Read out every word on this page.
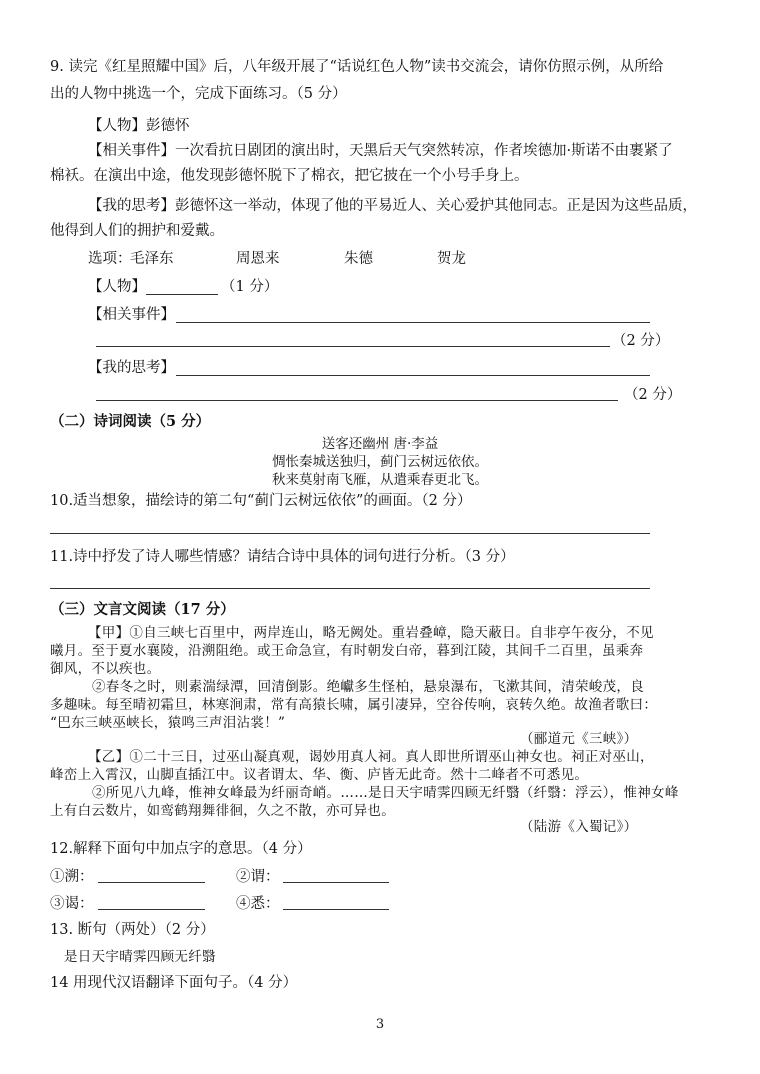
9. 读完《红星照耀中国》后，八年级开展了“话说红色人物”读书交流会，请你仿照示例，从所给
出的人物中挑选一个，完成下面练习。（5 分）
【人物】彭德怀
【相关事件】一次看抗日剧团的演出时，天黑后天气突然转凉，作者埃德加·斯诺不由裹紧了
棉袄。在演出中途，他发现彭德怀脱下了棉衣，把它披在一个小号手身上。
【我的思考】彭德怀这一举动，体现了他的平易近人、关心爱护其他同志。正是因为这些品质，
他得到人们的拥护和爱戴。
选项：
毛泽东	周恩来	朱德	贺龙
【人物】	（1 分）
【相关事件】
（2 分）
【我的思考】
（2 分）
（二）诗词阅读（5 分）
送客还幽州 唐·李益
惆怅秦城送独归，蓟门云树远依依。
秋来莫射南飞雁，从遣乘春更北飞。
10.适当想象，描绘诗的第二句“蓟门云树远依依”的画面。（2 分）
11.诗中抒发了诗人哪些情感？请结合诗中具体的词句进行分析。（3 分）
（三）文言文阅读（17 分）
【甲】①自三峡七百里中，两岸连山，略无阙处。重岩叠嶂，隐天蔽日。自非亭午夜分，不见
曦月。至于夏水襄陵，沿溯阻绝。或王命急宣，有时朝发白帝，暮到江陵，其间千二百里，虽乘奔
御风，不以疾也。
②春冬之时，则素湍绿潭，回清倒影。绝巘多生怪柏，悬泉瀑布，飞漱其间，清荣峻茂，良
多趣味。每至晴初霜旦，林寒涧肃，常有高猿长啸，属引凄异，空谷传响，哀转久绝。故渔者歌曰：
“巴东三峡巫峡长，猿鸣三声泪沾裳！”
（郦道元《三峡》）
【乙】①二十三日，过巫山凝真观，谒妙用真人祠。真人即世所谓巫山神女也。祠正对巫山，
峰峦上入霄汉，山脚直插江中。议者谓太、华、衡、庐皆无此奇。然十二峰者不可悉见。
②所见八九峰，惟神女峰最为纤丽奇峭。……是日天宇晴霁四顾无纤翳（纤翳：浮云），惟神女峰
上有白云数片，如鸾鹤翔舞徘徊，久之不散，亦可异也。
（陆游《入蜀记》）
12.解释下面句中加点字的意思。（4 分）
①溯：	②谓：
③谒：	④悉：
13. 断句（两处）（2 分）
是日天宇晴霁四顾无纤翳
14 用现代汉语翻译下面句子。（4 分）
3
